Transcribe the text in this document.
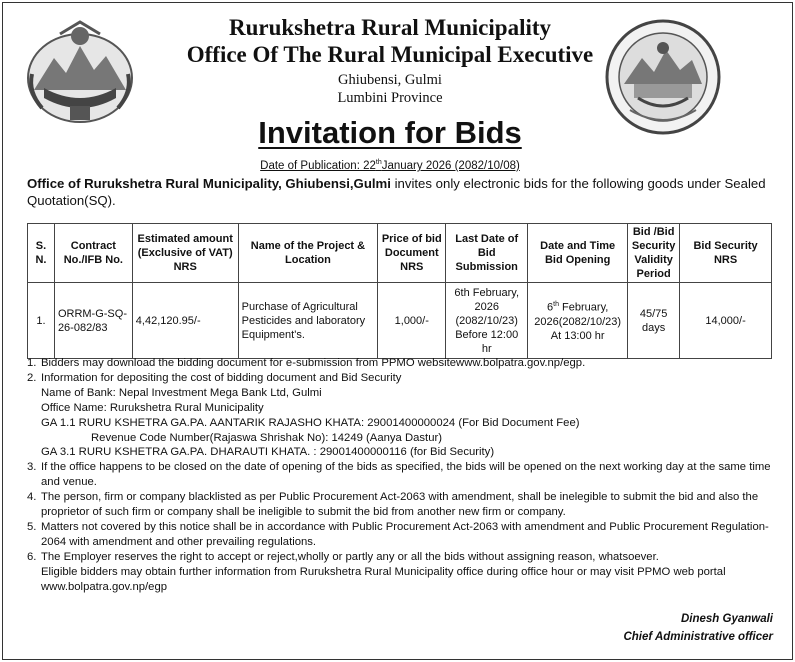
Rurukshetra Rural Municipality
Office Of The Rural Municipal Executive
Ghiubensi, Gulmi
Lumbini Province
Invitation for Bids
Date of Publication: 22thJanuary 2026 (2082/10/08)
Office of Rurukshetra Rural Municipality, Ghiubensi,Gulmi invites only electronic bids for the following goods under Sealed Quotation(SQ).
S. N.	Contract No./IFB No.	Estimated amount (Exclusive of VAT) NRS	Name of the Project & Location	Price of bid Document NRS	Last Date of Bid Submission	Date and Time Bid Opening	Bid /Bid Security Validity Period	Bid Security NRS
1.	ORRM-G-SQ-26-082/83	4,42,120.95/-	Purchase of Agricultural Pesticides and laboratory Equipment's.	1,000/-	6th February, 2026 (2082/10/23) Before 12:00 hr	6th February, 2026(2082/10/23) At 13:00 hr	45/75 days	14,000/-
1. Bidders may download the bidding document for e-submission from PPMO websitewww.bolpatra.gov.np/egp.
2. Information for depositing the cost of bidding document and Bid Security
Name of Bank: Nepal Investment Mega Bank Ltd, Gulmi
Office Name: Rurukshetra Rural Municipality
GA 1.1 RURU KSHETRA GA.PA. AANTARIK RAJASHO KHATA: 29001400000024 (For Bid Document Fee)
Revenue Code Number(Rajaswa Shrishak No): 14249 (Aanya Dastur)
GA 3.1 RURU KSHETRA GA.PA. DHARAUTI KHATA. : 29001400000116 (for Bid Security)
3. If the office happens to be closed on the date of opening of the bids as specified, the bids will be opened on the next working day at the same time and venue.
4. The person, firm or company blacklisted as per Public Procurement Act-2063 with amendment, shall be inelegible to submit the bid and also the proprietor of such firm or company shall be ineligible to submit the bid from another new firm or company.
5. Matters not covered by this notice shall be in accordance with Public Procurement Act-2063 with amendment and Public Procurement Regulation-2064 with amendment and other prevailing regulations.
6. The Employer reserves the right to accept or reject,wholly or partly any or all the bids without assigning reason, whatsoever.
Eligible bidders may obtain further information from Rurukshetra Rural Municipality office during office hour or may visit PPMO web portal www.bolpatra.gov.np/egp
Dinesh Gyanwali
Chief Administrative officer
